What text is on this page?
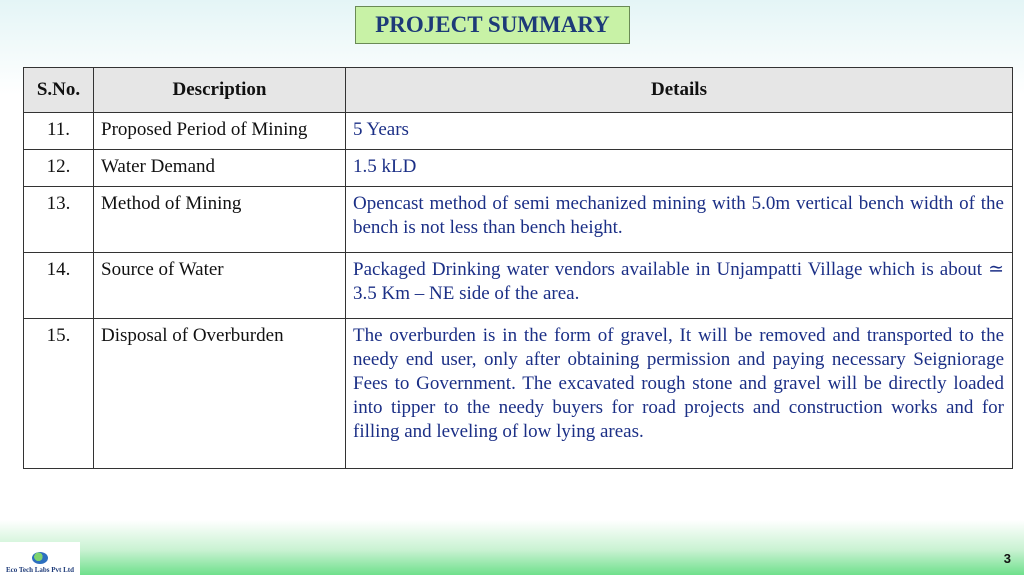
PROJECT SUMMARY
S.No.	Description	Details
11.	Proposed Period of Mining	5 Years
12.	Water Demand	1.5 kLD
13.	Method of Mining	Opencast method of semi mechanized mining with 5.0m vertical bench width of the bench is not less than bench height.
14.	Source of Water	Packaged Drinking water vendors available in Unjampatti Village which is about ≃ 3.5 Km – NE side of the area.
15.	Disposal of Overburden	The overburden is in the form of gravel, It will be removed and transported to the needy end user, only after obtaining permission and paying necessary Seigniorage Fees to Government. The excavated rough stone and gravel will be directly loaded into tipper to the needy buyers for road projects and construction works and for filling and leveling of low lying areas.
Eco Tech Labs Pvt Ltd
3
